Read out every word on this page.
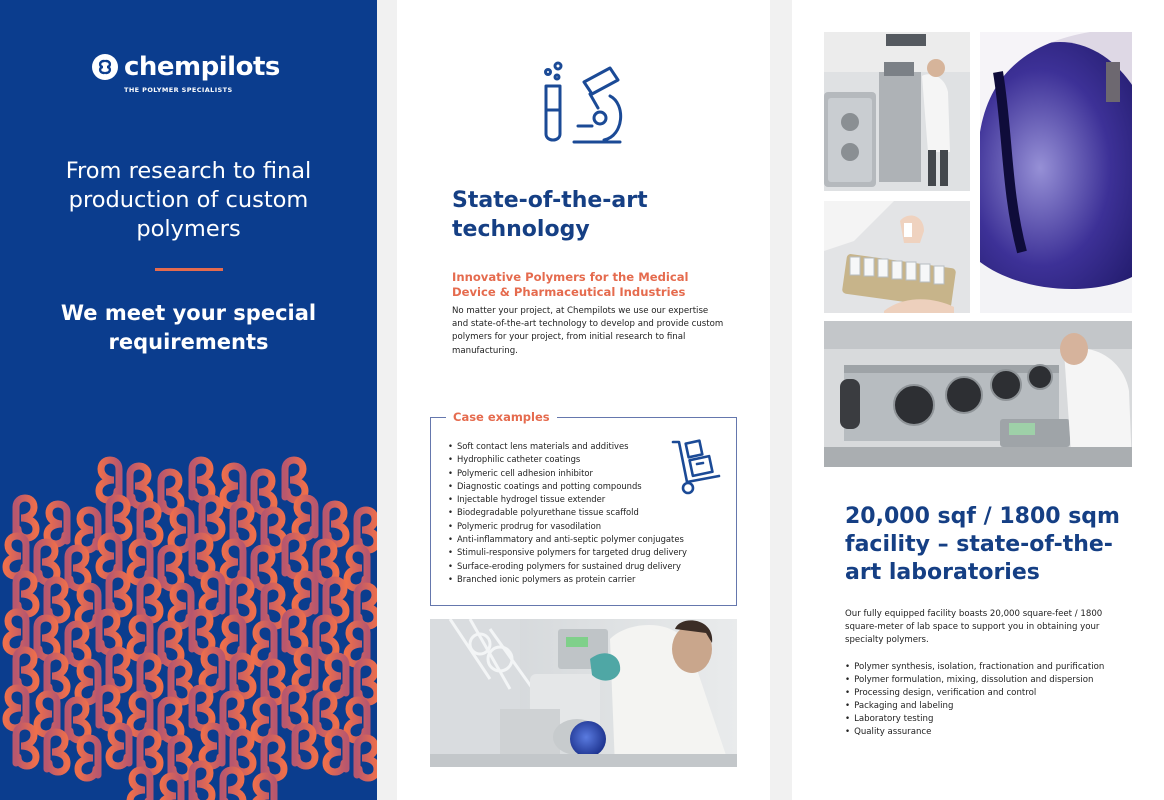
chempilots
THE POLYMER SPECIALISTS
From research to final production of custom polymers
We meet your special requirements
State-of-the-art technology
Innovative Polymers for the Medical Device & Pharmaceutical Industries
No matter your project, at Chempilots we use our expertise and state-of-the-art technology to develop and provide custom polymers for your project, from initial research to final manufacturing.
Case examples
• Soft contact lens materials and additives
• Hydrophilic catheter coatings
• Polymeric cell adhesion inhibitor
• Diagnostic coatings and potting compounds
• Injectable hydrogel tissue extender
• Biodegradable polyurethane tissue scaffold
• Polymeric prodrug for vasodilation
• Anti-inflammatory and anti-septic polymer conjugates
• Stimuli-responsive polymers for targeted drug delivery
• Surface-eroding polymers for sustained drug delivery
• Branched ionic polymers as protein carrier
20,000 sqf / 1800 sqm facility – state-of-the-art laboratories
Our fully equipped facility boasts 20,000 square-feet / 1800 square-meter of lab space to support you in obtaining your specialty polymers.
• Polymer synthesis, isolation, fractionation and purification
• Polymer formulation, mixing, dissolution and dispersion
• Processing design, verification and control
• Packaging and labeling
• Laboratory testing
• Quality assurance
